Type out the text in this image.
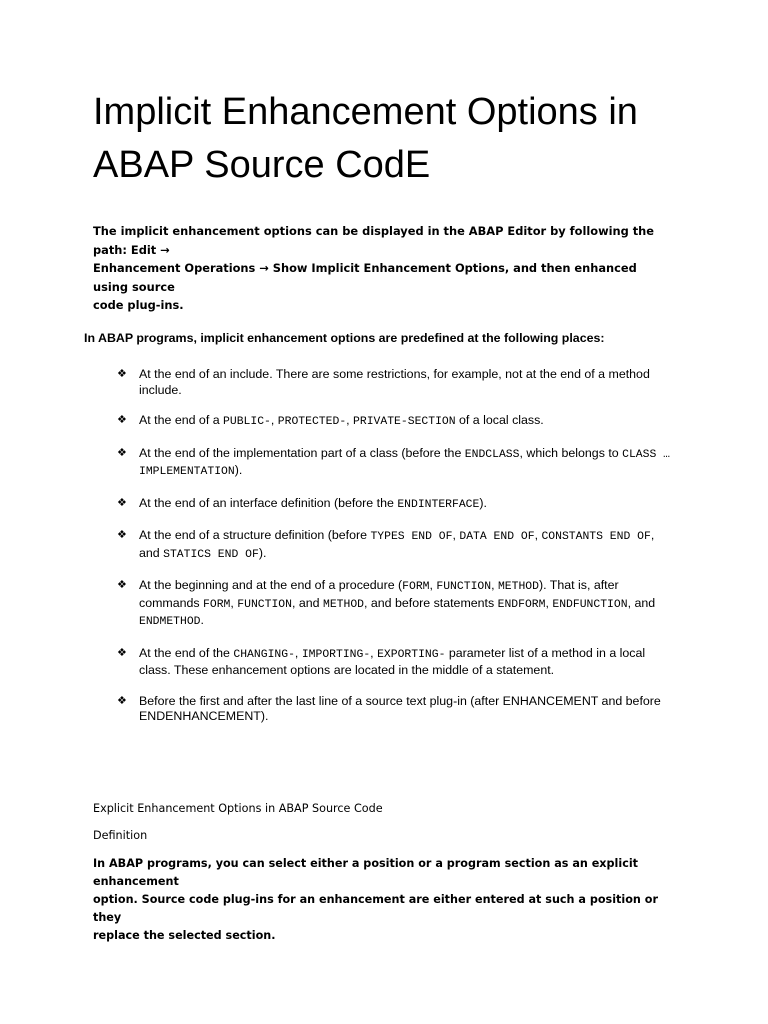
Implicit Enhancement Options in
ABAP Source CodE

The implicit enhancement options can be displayed in the ABAP Editor by following the path: Edit →
Enhancement Operations → Show Implicit Enhancement Options, and then enhanced using source
code plug-ins.

In ABAP programs, implicit enhancement options are predefined at the following places:

❖ At the end of an include. There are some restrictions, for example, not at the end of a method include.
❖ At the end of a PUBLIC-, PROTECTED-, PRIVATE-SECTION of a local class.
❖ At the end of the implementation part of a class (before the ENDCLASS, which belongs to CLASS … IMPLEMENTATION).
❖ At the end of an interface definition (before the ENDINTERFACE).
❖ At the end of a structure definition (before TYPES END OF, DATA END OF, CONSTANTS END OF, and STATICS END OF).
❖ At the beginning and at the end of a procedure (FORM, FUNCTION, METHOD). That is, after commands FORM, FUNCTION, and METHOD, and before statements ENDFORM, ENDFUNCTION, and ENDMETHOD.
❖ At the end of the CHANGING-, IMPORTING-, EXPORTING- parameter list of a method in a local class. These enhancement options are located in the middle of a statement.
❖ Before the first and after the last line of a source text plug-in (after ENHANCEMENT and before ENDENHANCEMENT).

Explicit Enhancement Options in ABAP Source Code

Definition

In ABAP programs, you can select either a position or a program section as an explicit enhancement
option. Source code plug-ins for an enhancement are either entered at such a position or they
replace the selected section.
